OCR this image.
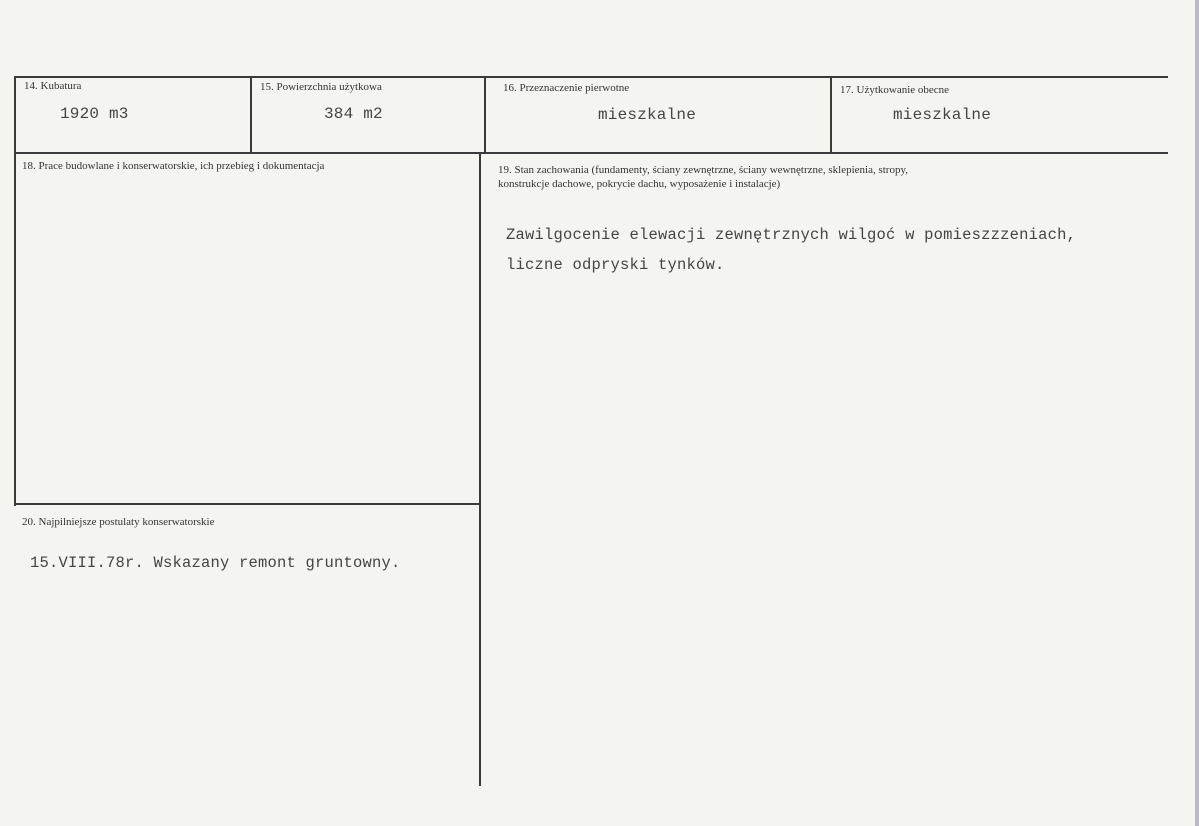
14. Kubatura
1920 m3
15. Powierzchnia użytkowa
384 m2
16. Przeznaczenie pierwotne
mieszkalne
17. Użytkowanie obecne
mieszkalne
18. Prace budowlane i konserwatorskie, ich przebieg i dokumentacja	19. Stan zachowania (fundamenty, ściany zewnętrzne, ściany wewnętrzne, sklepienia, stropy,
konstrukcje dachowe, pokrycie dachu, wyposażenie i instalacje)
Zawilgocenie elewacji zewnętrznych wilgoć w pomieszzzeniach,
liczne odpryski tynków.
20. Najpilniejsze postulaty konserwatorskie
15.VIII.78r. Wskazany remont gruntowny.
